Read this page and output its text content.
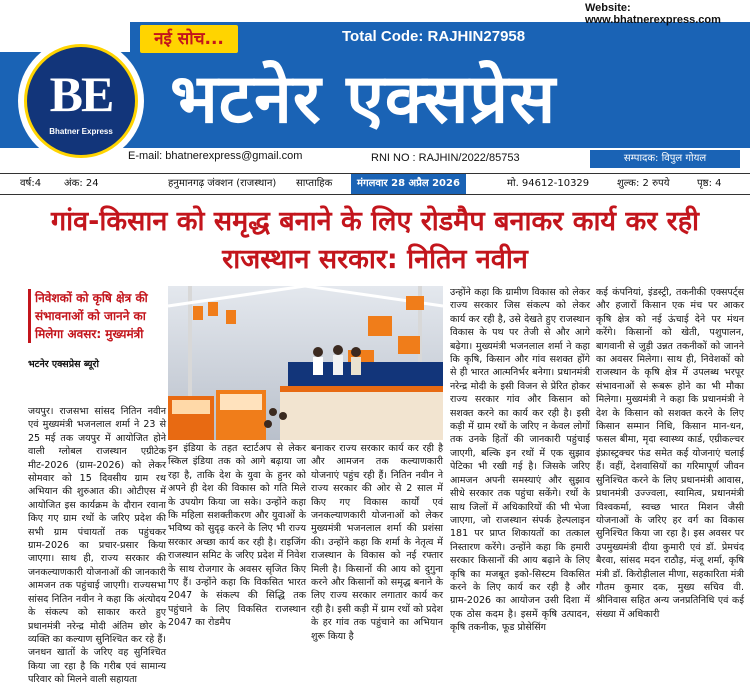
BE
Bhatner Express
नई सोच...	Total Code: RAJHIN27958
Website: www.bhatnerexpress.com
भटनेर एक्सप्रेस
E-mail: bhatnerexpress@gmail.com	RNI NO : RAJHIN/2022/85753	सम्पादक: विपुल गोयल
वर्ष:4 अंक: 24	हनुमानगढ़ जंक्शन (राजस्थान) साप्ताहिक	मंगलवार 28 अप्रैल 2026	मो. 94612-10329	शुल्क: 2 रुपये	पृष्ठ: 4
गांव-किसान को समृद्ध बनाने के लिए रोडमैप बनाकर कार्य कर रही राजस्थान सरकार: नितिन नवीन
निवेशकों को कृषि क्षेत्र की संभावनाओं को जानने का मिलेगा अवसर: मुख्यमंत्री
भटनेर एक्सप्रेस ब्यूरो
जयपुर। राजसभा सांसद नितिन नवीन एवं मुख्यमंत्री भजनलाल शर्मा ने 23 से 25 मई तक जयपुर में आयोजित होने वाली ग्लोबल राजस्थान एग्रीटेक मीट-2026 (ग्राम-2026) को लेकर सोमवार को 15 दिवसीय ग्राम रथ अभियान की शुरुआत की। ओटीएस में आयोजित इस कार्यक्रम के दौरान रवाना किए गए ग्राम रथों के जरिए प्रदेश की सभी ग्राम पंचायतों तक पहुंचकर ग्राम-2026 का प्रचार-प्रसार किया जाएगा। साथ ही, राज्य सरकार की जनकल्याणकारी योजनाओं की जानकारी आमजन तक पहुंचाई जाएगी। राज्यसभा सांसद नितिन नवीन ने कहा कि अंत्योदय के संकल्प को साकार करते हुए प्रधानमंत्री नरेन्द्र मोदी अंतिम छोर के व्यक्ति का कल्याण सुनिश्चित कर रहे हैं। जनधन खातों के जरिए वह सुनिश्चित किया जा रहा है कि गरीब एवं सामान्य परिवार को मिलने वाली सहायता
इन इंडिया के तहत स्टार्टअप से लेकर स्किल इंडिया तक को आगे बढ़ाया जा रहा है, ताकि देश के युवा के हुनर को अपने ही देश की विकास को गति मिले के उपयोग किया जा सके। उन्होंने कहा कि महिला सशक्तीकरण और युवाओं के भविष्य को सुदृढ़ करने के लिए भी राज्य सरकार अच्छा कार्य कर रही है। राइजिंग राजस्थान समिट के जरिए प्रदेश में निवेश के साथ रोजगार के अवसर सृजित किए गए हैं। उन्होंने कहा कि विकसित भारत 2047 के संकल्प की सिद्धि तक पहुंचाने के लिए विकसित राजस्थान 2047 का रोडमैप
बनाकर राज्य सरकार कार्य कर रही है और आमजन तक कल्याणकारी योजनाएं पहुंच रही हैं। नितिन नवीन ने राज्य सरकार की ओर से 2 साल में किए गए विकास कार्यों एवं जनकल्याणकारी योजनाओं को लेकर मुख्यमंत्री भजनलाल शर्मा की प्रशंसा की। उन्होंने कहा कि शर्मा के नेतृत्व में राजस्थान के विकास को नई रफ्तार मिली है। किसानों की आय को दुगुना करने और किसानों को समृद्ध बनाने के लिए राज्य सरकार लगातार कार्य कर रही है। इसी कड़ी में ग्राम रथों को प्रदेश के हर गांव तक पहुंचाने का अभियान शुरू किया है
उन्होंने कहा कि ग्रामीण विकास को लेकर राज्य सरकार जिस संकल्प को लेकर कार्य कर रही है, उसे देखते हुए राजस्थान विकास के पथ पर तेजी से और आगे बढ़ेगा। मुख्यमंत्री भजनलाल शर्मा ने कहा कि कृषि, किसान और गांव सशक्त होंगे से ही भारत आत्मनिर्भर बनेगा। प्रधानमंत्री नरेन्द्र मोदी के इसी विजन से प्रेरित होकर राज्य सरकार गांव और किसान को सशक्त करने का कार्य कर रही है। इसी कड़ी में ग्राम रथों के जरिए न केवल लोगों तक उनके हितों की जानकारी पहुंचाई जाएगी, बल्कि इन रथों में एक सुझाव पेटिका भी रखी गई है। जिसके जरिए आमजन अपनी समस्याएं और सुझाव सीधे सरकार तक पहुंचा सकेंगे। रथों के साथ जिलों में अधिकारियों की भी भेजा जाएगा, जो राजस्थान संपर्क हेल्पलाइन 181 पर प्राप्त शिकायतों का तत्काल निस्तारण करेंगे। उन्होंने कहा कि हमारी सरकार किसानों की आय बढ़ाने के लिए कृषि का मजबूत इको-सिस्टम विकसित करने के लिए कार्य कर रही है और ग्राम-2026 का आयोजन उसी दिशा में एक ठोस कदम है। इसमें कृषि उत्पादन, कृषि तकनीक, फूड प्रोसेसिंग
कई कंपनियां, इंडस्ट्री, तकनीकी एक्सपर्ट्स और हजारों किसान एक मंच पर आकर कृषि क्षेत्र को नई ऊंचाई देने पर मंथन करेंगे। किसानों को खेती, पशुपालन, बागवानी से जुड़ी उन्नत तकनीकों को जानने का अवसर मिलेगा। साथ ही, निवेशकों को राजस्थान के कृषि क्षेत्र में उपलब्ध भरपूर संभावनाओं से रूबरू होने का भी मौका मिलेगा। मुख्यमंत्री ने कहा कि प्रधानमंत्री ने देश के किसान को सशक्त करने के लिए किसान सम्मान निधि, किसान मान-धन, फसल बीमा, मृदा स्वास्थ्य कार्ड, एग्रीकल्चर इंफ्रास्ट्रक्चर फंड समेत कई योजनाएं चलाई हैं। वहीं, देशवासियों का गरिमापूर्ण जीवन सुनिश्चित करने के लिए प्रधानमंत्री आवास, प्रधानमंत्री उज्ज्वला, स्वामित्व, प्रधानमंत्री विश्वकर्मा, स्वच्छ भारत मिशन जैसी योजनाओं के जरिए हर वर्ग का विकास सुनिश्चित किया जा रहा है। इस अवसर पर उपमुख्यमंत्री दीया कुमारी एवं डॉ. प्रेमचंद बैरवा, सांसद मदन राठौड़, मंजू शर्मा, कृषि मंत्री डॉ. किरोड़ीलाल मीणा, सहकारिता मंत्री गौतम कुमार दक, मुख्य सचिव वी. श्रीनिवास सहित अन्य जनप्रतिनिधि एवं कई संख्या में अधिकारी
